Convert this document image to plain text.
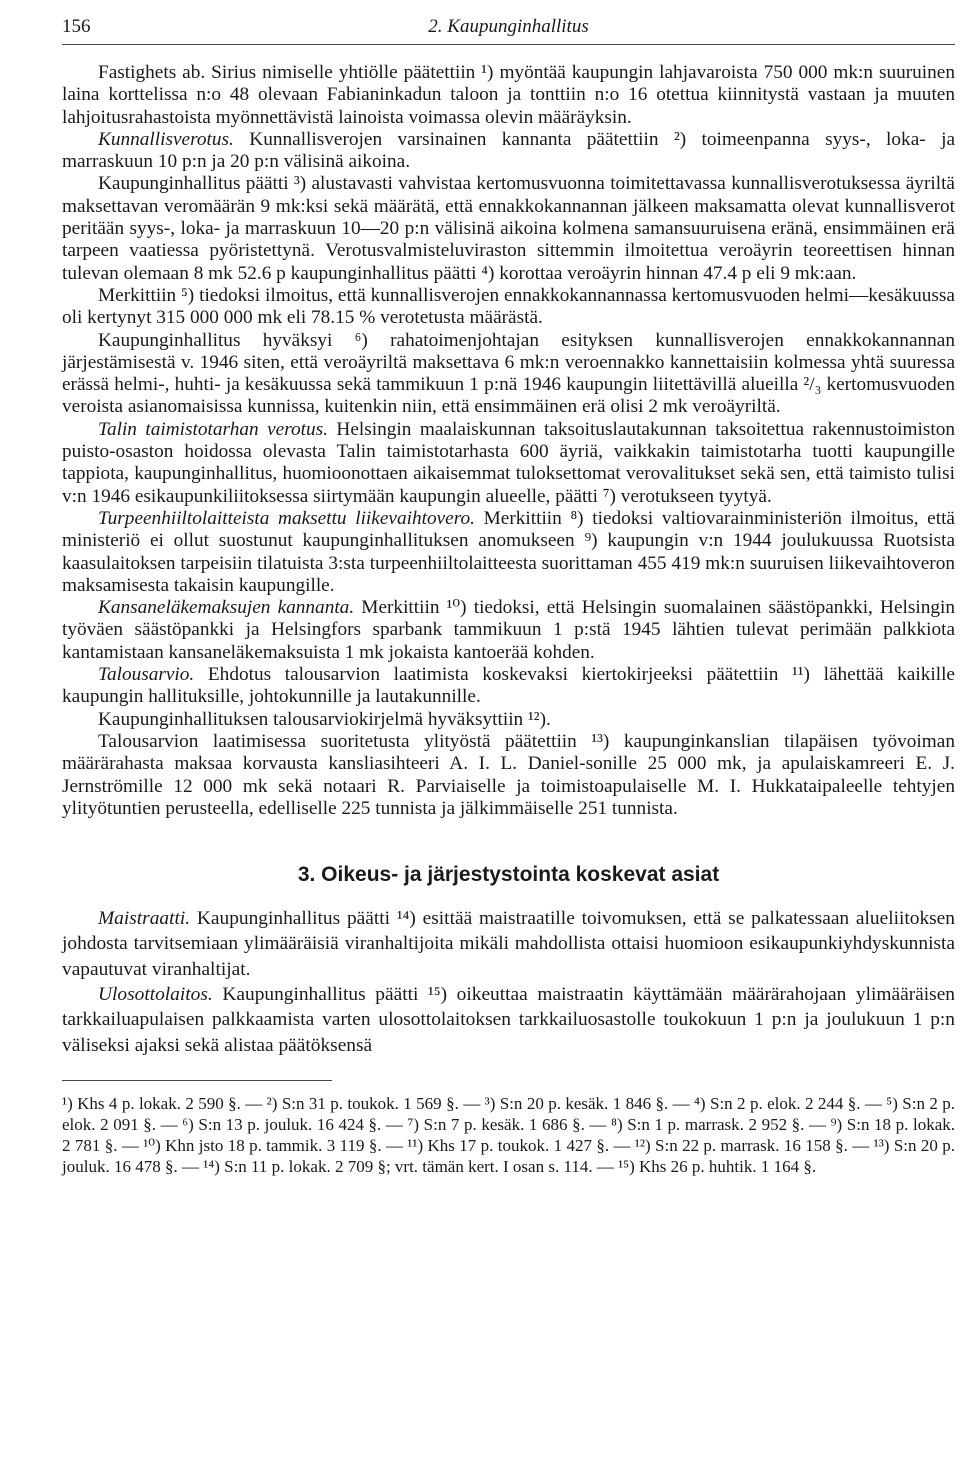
156	2. Kaupunginhallitus

Fastighets ab. Sirius nimiselle yhtiölle päätettiin ¹) myöntää kaupungin lahjavaroista 750 000 mk:n suuruinen laina korttelissa n:o 48 olevaan Fabianinkadun taloon ja tonttiin n:o 16 otettua kiinnitystä vastaan ja muuten lahjoitusrahastoista myönnettävistä lainoista voimassa olevin määräyksin.

Kunnallisverotus. Kunnallisverojen varsinainen kannanta päätettiin ²) toimeenpanna syys-, loka- ja marraskuun 10 p:n ja 20 p:n välisinä aikoina.

Kaupunginhallitus päätti ³) alustavasti vahvistaa kertomusvuonna toimitettavassa kunnallisverotuksessa äyriltä maksettavan veromäärän 9 mk:ksi sekä määrätä, että ennakkokannannan jälkeen maksamatta olevat kunnallisverot peritään syys-, loka- ja marraskuun 10—20 p:n välisinä aikoina kolmena samansuuruisena eränä, ensimmäinen erä tarpeen vaatiessa pyöristettynä. Verotusvalmisteluviraston sittemmin ilmoitettua veroäyrin teoreettisen hinnan tulevan olemaan 8 mk 52.6 p kaupunginhallitus päätti ⁴) korottaa veroäyrin hinnan 47.4 p eli 9 mk:aan.

Merkittiin ⁵) tiedoksi ilmoitus, että kunnallisverojen ennakkokannannassa kertomusvuoden helmi—kesäkuussa oli kertynyt 315 000 000 mk eli 78.15 % verotetusta määrästä.

Kaupunginhallitus hyväksyi ⁶) rahatoimenjohtajan esityksen kunnallisverojen ennakkokannannan järjestämisestä v. 1946 siten, että veroäyriltä maksettava 6 mk:n veroennakko kannettaisiin kolmessa yhtä suuressa erässä helmi-, huhti- ja kesäkuussa sekä tammikuun 1 p:nä 1946 kaupungin liitettävillä alueilla ²/₃ kertomusvuoden veroista asianomaisissa kunnissa, kuitenkin niin, että ensimmäinen erä olisi 2 mk veroäyriltä.

Talin taimistotarhan verotus. Helsingin maalaiskunnan taksoituslautakunnan taksoitettua rakennustoimiston puisto-osaston hoidossa olevasta Talin taimistotarhasta 600 äyriä, vaikkakin taimistotarha tuotti kaupungille tappiota, kaupunginhallitus, huomioonottaen aikaisemmat tuloksettomat verovalitukset sekä sen, että taimisto tulisi v:n 1946 esikaupunkiliitoksessa siirtymään kaupungin alueelle, päätti ⁷) verotukseen tyytyä.

Turpeenhiiltolaitteista maksettu liikevaihtovero. Merkittiin ⁸) tiedoksi valtiovarainministeriön ilmoitus, että ministeriö ei ollut suostunut kaupunginhallituksen anomukseen ⁹) kaupungin v:n 1944 joulukuussa Ruotsista kaasulaitoksen tarpeisiin tilatuista 3:sta turpeenhiiltolaitteesta suorittaman 455 419 mk:n suuruisen liikevaihtoveron maksamisesta takaisin kaupungille.

Kansaneläkemaksujen kannanta. Merkittiin ¹⁰) tiedoksi, että Helsingin suomalainen säästöpankki, Helsingin työväen säästöpankki ja Helsingfors sparbank tammikuun 1 p:stä 1945 lähtien tulevat perimään palkkiota kantamistaan kansaneläkemaksuista 1 mk jokaista kantoerää kohden.

Talousarvio. Ehdotus talousarvion laatimista koskevaksi kiertokirjeeksi päätettiin ¹¹) lähettää kaikille kaupungin hallituksille, johtokunnille ja lautakunnille.

Kaupunginhallituksen talousarviokirjelmä hyväksyttiin ¹²).

Talousarvion laatimisessa suoritetusta ylityöstä päätettiin ¹³) kaupunginkanslian tilapäisen työvoiman määrärahasta maksaa korvausta kansliasihteeri A. I. L. Daniel-sonille 25 000 mk, ja apulaiskamreeri E. J. Jernströmille 12 000 mk sekä notaari R. Parviaiselle ja toimistoapulaiselle M. I. Hukkataipaleelle tehtyjen ylityötuntien perusteella, edelliselle 225 tunnista ja jälkimmäiselle 251 tunnista.

3. Oikeus- ja järjestystointa koskevat asiat

Maistraatti. Kaupunginhallitus päätti ¹⁴) esittää maistraatille toivomuksen, että se palkatessaan alueliitoksen johdosta tarvitsemiaan ylimääräisiä viranhaltijoita mikäli mahdollista ottaisi huomioon esikaupunkiyhdyskunnista vapautuvat viranhaltijat.

Ulosottolaitos. Kaupunginhallitus päätti ¹⁵) oikeuttaa maistraatin käyttämään määrärahojaan ylimääräisen tarkkailuapulaisen palkkaamista varten ulosottolaitoksen tarkkailuosastolle toukokuun 1 p:n ja joulukuun 1 p:n väliseksi ajaksi sekä alistaa päätöksensä

¹) Khs 4 p. lokak. 2 590 §. — ²) S:n 31 p. toukok. 1 569 §. — ³) S:n 20 p. kesäk. 1 846 §. — ⁴) S:n 2 p. elok. 2 244 §. — ⁵) S:n 2 p. elok. 2 091 §. — ⁶) S:n 13 p. jouluk. 16 424 §. — ⁷) S:n 7 p. kesäk. 1 686 §. — ⁸) S:n 1 p. marrask. 2 952 §. — ⁹) S:n 18 p. lokak. 2 781 §. — ¹⁰) Khn jsto 18 p. tammik. 3 119 §. — ¹¹) Khs 17 p. toukok. 1 427 §. — ¹²) S:n 22 p. marrask. 16 158 §. — ¹³) S:n 20 p. jouluk. 16 478 §. — ¹⁴) S:n 11 p. lokak. 2 709 §; vrt. tämän kert. I osan s. 114. — ¹⁵) Khs 26 p. huhtik. 1 164 §.
